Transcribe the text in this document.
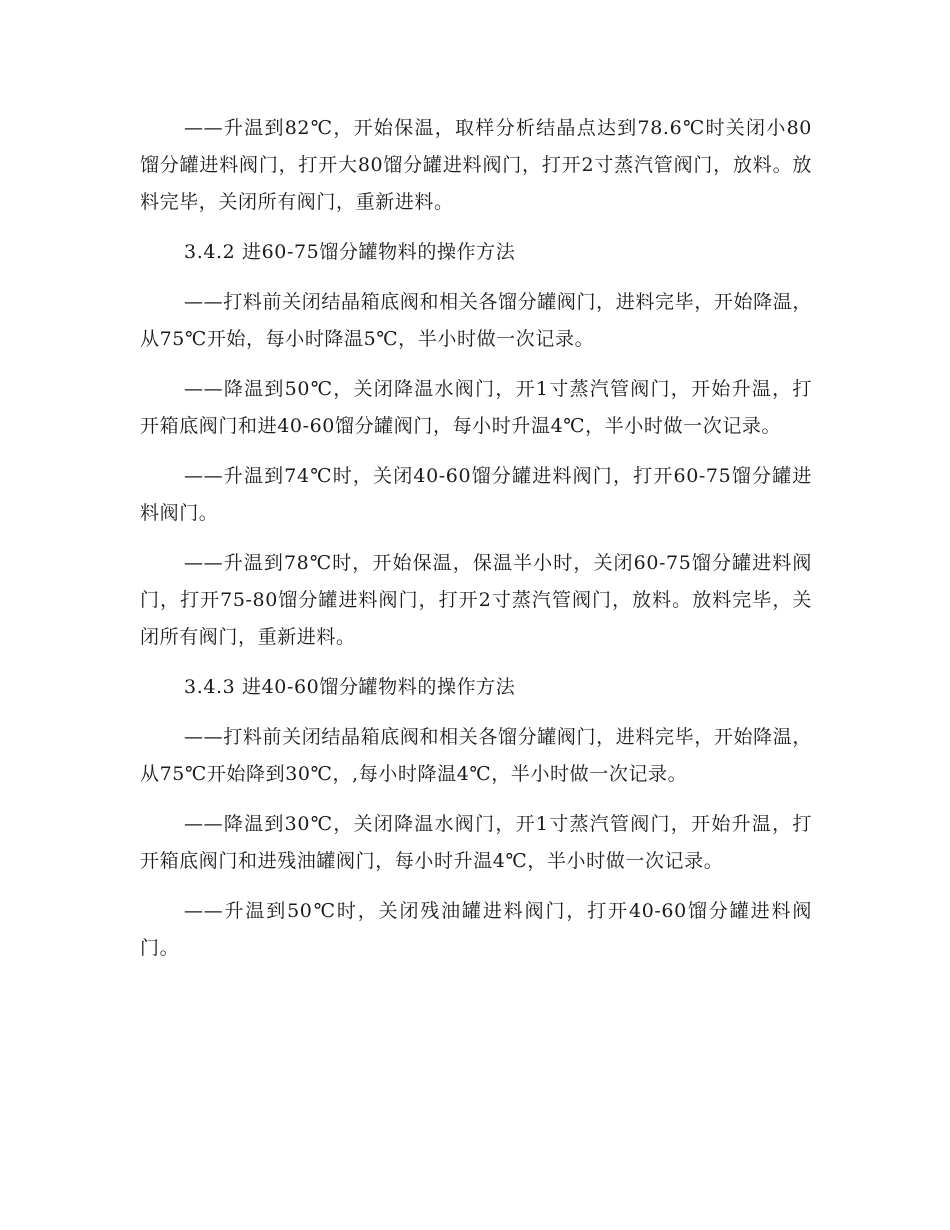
——升温到82℃，开始保温，取样分析结晶点达到78.6℃时关闭小80馏分罐进料阀门，打开大80馏分罐进料阀门，打开2寸蒸汽管阀门，放料。放料完毕，关闭所有阀门，重新进料。

3.4.2 进60-75馏分罐物料的操作方法

——打料前关闭结晶箱底阀和相关各馏分罐阀门，进料完毕，开始降温，从75℃开始，每小时降温5℃，半小时做一次记录。

——降温到50℃，关闭降温水阀门，开1寸蒸汽管阀门，开始升温，打开箱底阀门和进40-60馏分罐阀门，每小时升温4℃，半小时做一次记录。

——升温到74℃时，关闭40-60馏分罐进料阀门，打开60-75馏分罐进料阀门。

——升温到78℃时，开始保温，保温半小时，关闭60-75馏分罐进料阀门，打开75-80馏分罐进料阀门，打开2寸蒸汽管阀门，放料。放料完毕，关闭所有阀门，重新进料。

3.4.3 进40-60馏分罐物料的操作方法

——打料前关闭结晶箱底阀和相关各馏分罐阀门，进料完毕，开始降温，从75℃开始降到30℃，,每小时降温4℃，半小时做一次记录。

——降温到30℃，关闭降温水阀门，开1寸蒸汽管阀门，开始升温，打开箱底阀门和进残油罐阀门，每小时升温4℃，半小时做一次记录。

——升温到50℃时，关闭残油罐进料阀门，打开40-60馏分罐进料阀门。
